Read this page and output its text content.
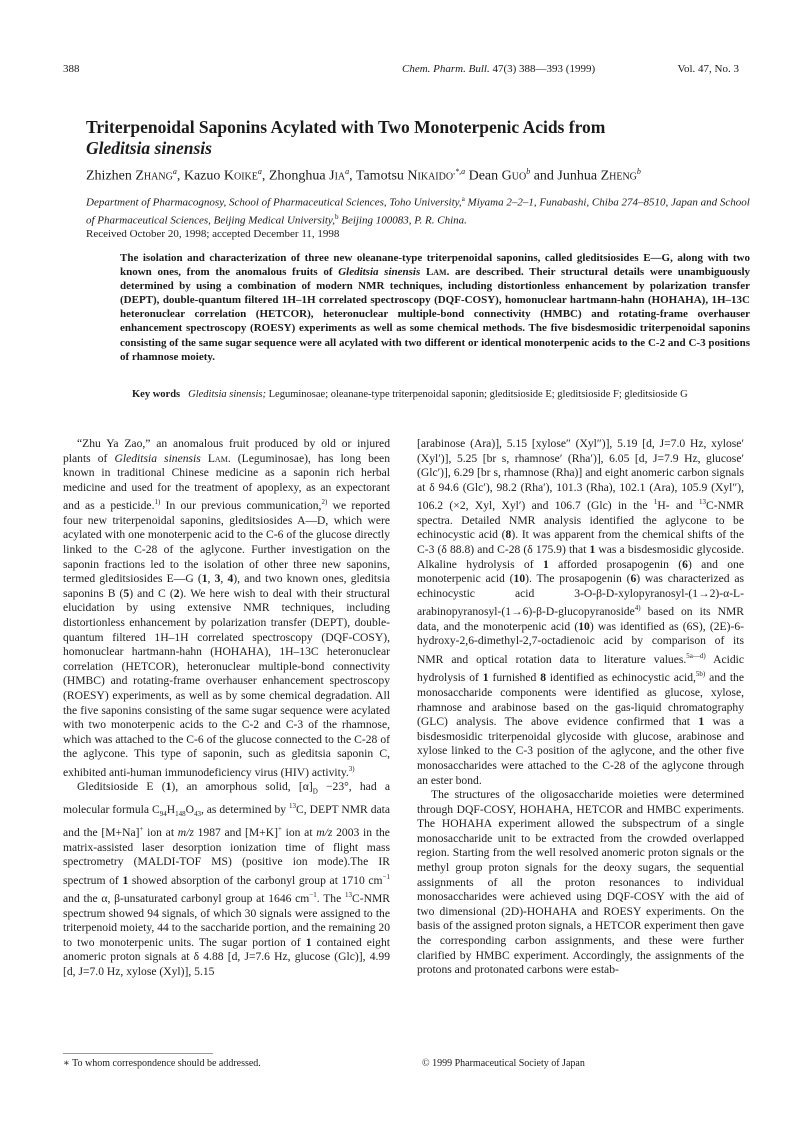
388	Chem. Pharm. Bull. 47(3) 388—393 (1999)	Vol. 47, No. 3
Triterpenoidal Saponins Acylated with Two Monoterpenic Acids from
Gleditsia sinensis
Zhizhen Zhang$^a$, Kazuo Koike$^a$, Zhonghua Jia$^a$, Tamotsu Nikaido$^{,*,a}$ Dean Guo$^b$ and Junhua Zheng$^b$
Department of Pharmacognosy, School of Pharmaceutical Sciences, Toho University,$^a$ Miyama 2–2–1, Funabashi, Chiba 274–8510, Japan and School of Pharmaceutical Sciences, Beijing Medical University,$^b$ Beijing 100083, P. R. China.
Received October 20, 1998; accepted December 11, 1998
The isolation and characterization of three new oleanane-type triterpenoidal saponins, called gleditsiosides E—G, along with two known ones, from the anomalous fruits of Gleditsia sinensis Lam. are described. Their structural details were unambiguously determined by using a combination of modern NMR techniques, including distortionless enhancement by polarization transfer (DEPT), double-quantum filtered 1H–1H correlated spectroscopy (DQF-COSY), homonuclear hartmann-hahn (HOHAHA), 1H–13C heteronuclear correlation (HETCOR), heteronuclear multiple-bond connectivity (HMBC) and rotating-frame overhauser enhancement spectroscopy (ROESY) experiments as well as some chemical methods. The five bisdesmosidic triterpenoidal saponins consisting of the same sugar sequence were all acylated with two different or identical monoterpenic acids to the C-2 and C-3 positions of rhamnose moiety.
Key words Gleditsia sinensis; Leguminosae; oleanane-type triterpenoidal saponin; gleditsioside E; gleditsioside F; gleditsioside G

“Zhu Ya Zao,” an anomalous fruit produced by old or injured plants of Gleditsia sinensis Lam. (Leguminosae), has long been known in traditional Chinese medicine as a saponin rich herbal medicine and used for the treatment of apoplexy, as an expectorant and as a pesticide.$^{1)}$ In our previous communication,$^{2)}$ we reported four new triterpenoidal saponins, gleditsiosides A—D, which were acylated with one monoterpenic acid to the C-6 of the glucose directly linked to the C-28 of the aglycone. Further investigation on the saponin fractions led to the isolation of other three new saponins, termed gleditsiosides E—G (1, 3, 4), and two known ones, gleditsia saponins B (5) and C (2). We here wish to deal with their structural elucidation by using extensive NMR techniques, including distortionless enhancement by polarization transfer (DEPT), double-quantum filtered 1H–1H correlated spectroscopy (DQF-COSY), homonuclear hartmann-hahn (HOHAHA), 1H–13C heteronuclear correlation (HETCOR), heteronuclear multiple-bond connectivity (HMBC) and rotating-frame overhauser enhancement spectroscopy (ROESY) experiments, as well as by some chemical degradation. All the five saponins consisting of the same sugar sequence were acylated with two monoterpenic acids to the C-2 and C-3 of the rhamnose, which was attached to the C-6 of the glucose connected to the C-28 of the aglycone. This type of saponin, such as gleditsia saponin C, exhibited anti-human immunodeficiency virus (HIV) activity.$^{3)}$

Gleditsioside E (1), an amorphous solid, $[\alpha]_D -23^\circ$, had a molecular formula $C_{94}H_{148}O_{43}$, as determined by $^{13}$C, DEPT NMR data and the [M+Na]+ ion at m/z 1987 and [M+K]+ ion at m/z 2003 in the matrix-assisted laser desorption ionization time of flight mass spectrometry (MALDI-TOF MS) (positive ion mode).The IR spectrum of 1 showed absorption of the carbonyl group at 1710 $cm^{-1}$ and the α, β-unsaturated carbonyl group at 1646 $cm^{-1}$. The $^{13}$C-NMR spectrum showed 94 signals, of which 30 signals were assigned to the triterpenoid moiety, 44 to the saccharide portion, and the remaining 20 to two monoterpenic units. The sugar portion of 1 contained eight anomeric proton signals at δ 4.88 [d, J=7.6 Hz, glucose (Glc)], 4.99 [d, J=7.0 Hz, xylose (Xyl)], 5.15

[arabinose (Ara)], 5.15 [xylose″ (Xyl″)], 5.19 [d, J=7.0 Hz, xylose′ (Xyl′)], 5.25 [br s, rhamnose′ (Rha′)], 6.05 [d, J=7.9 Hz, glucose′ (Glc′)], 6.29 [br s, rhamnose (Rha)] and eight anomeric carbon signals at δ 94.6 (Glc′), 98.2 (Rha′), 101.3 (Rha), 102.1 (Ara), 105.9 (Xyl″), 106.2 (×2, Xyl, Xyl′) and 106.7 (Glc) in the $^1$H- and $^{13}$C-NMR spectra. Detailed NMR analysis identified the aglycone to be echinocystic acid (8). It was apparent from the chemical shifts of the C-3 (δ 88.8) and C-28 (δ 175.9) that 1 was a bisdesmosidic glycoside. Alkaline hydrolysis of 1 afforded prosapogenin (6) and one monoterpenic acid (10). The prosapogenin (6) was characterized as echinocystic acid 3-O-β-D-xylopyranosyl-(1→2)-α-L-arabinopyranosyl-(1→6)-β-D-glucopyranoside$^{4)}$ based on its NMR data, and the monoterpenic acid (10) was identified as (6S), (2E)-6-hydroxy-2,6-dimethyl-2,7-octadienoic acid by comparison of its NMR and optical rotation data to literature values.$^{5a—d)}$ Acidic hydrolysis of 1 furnished 8 identified as echinocystic acid,$^{5b)}$ and the monosaccharide components were identified as glucose, xylose, rhamnose and arabinose based on the gas-liquid chromatography (GLC) analysis. The above evidence confirmed that 1 was a bisdesmosidic triterpenoidal glycoside with glucose, arabinose and xylose linked to the C-3 position of the aglycone, and the other five monosaccharides were attached to the C-28 of the aglycone through an ester bond.

The structures of the oligosaccharide moieties were determined through DQF-COSY, HOHAHA, HETCOR and HMBC experiments. The HOHAHA experiment allowed the subspectrum of a single monosaccharide unit to be extracted from the crowded overlapped region. Starting from the well resolved anomeric proton signals or the methyl group proton signals for the deoxy sugars, the sequential assignments of all the proton resonances to individual monosaccharides were achieved using DQF-COSY with the aid of two dimensional (2D)-HOHAHA and ROESY experiments. On the basis of the assigned proton signals, a HETCOR experiment then gave the corresponding carbon assignments, and these were further clarified by HMBC experiment. Accordingly, the assignments of the protons and protonated carbons were estab-

∗ To whom correspondence should be addressed.	© 1999 Pharmaceutical Society of Japan
